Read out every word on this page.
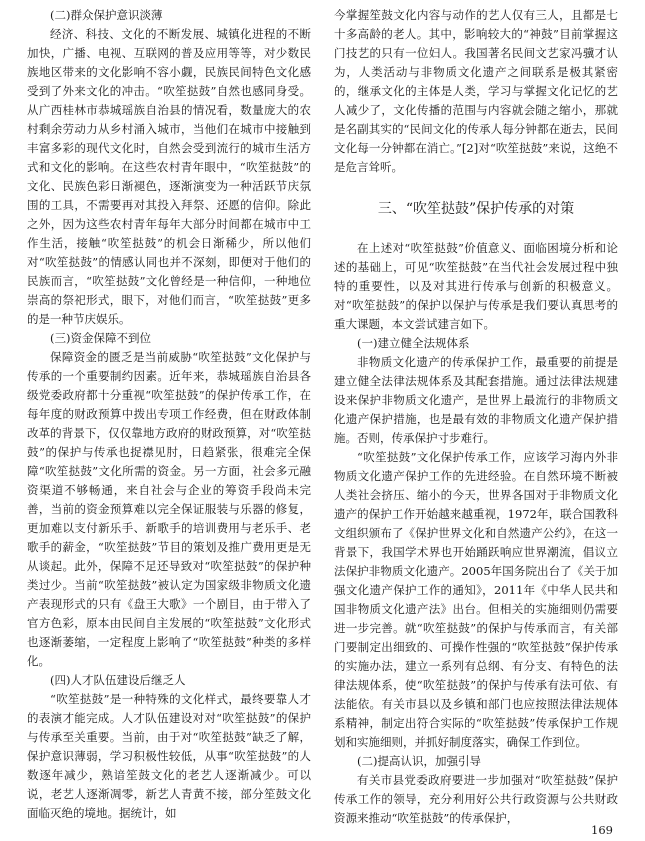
(二)群众保护意识淡薄

经济、科技、文化的不断发展、城镇化进程的不断加快，广播、电视、互联网的普及应用等等，对少数民族地区带来的文化影响不容小觑，民族民间特色文化感受到了外来文化的冲击。“吹笙挞鼓”自然也感同身受。从广西桂林市恭城瑶族自治县的情况看，数量庞大的农村剩余劳动力从乡村涌入城市，当他们在城市中接触到丰富多彩的现代文化时，自然会受到流行的城市生活方式和文化的影响。在这些农村青年眼中，“吹笙挞鼓”的文化、民族色彩日渐褪色，逐渐演变为一种活跃节庆氛围的工具，不需要再对其投入拜祭、还愿的信仰。除此之外，因为这些农村青年每年大部分时间都在城市中工作生活，接触“吹笙挞鼓”的机会日渐稀少，所以他们对“吹笙挞鼓”的情感认同也并不深刻，即便对于他们的民族而言，“吹笙挞鼓”文化曾经是一种信仰，一种地位崇高的祭祀形式，眼下，对他们而言，“吹笙挞鼓”更多的是一种节庆娱乐。

(三)资金保障不到位

保障资金的匮乏是当前威胁“吹笙挞鼓”文化保护与传承的一个重要制约因素。近年来，恭城瑶族自治县各级党委政府都十分重视“吹笙挞鼓”的保护传承工作，在每年度的财政预算中拨出专项工作经费，但在财政体制改革的背景下，仅仅靠地方政府的财政预算，对“吹笙挞鼓”的保护与传承也捉襟见肘，日趋紧张，很难完全保障“吹笙挞鼓”文化所需的资金。另一方面，社会多元融资渠道不够畅通，来自社会与企业的筹资手段尚未完善，当前的资金预算难以完全保证服装与乐器的修复，更加难以支付新乐手、新歌手的培训费用与老乐手、老歌手的薪金，“吹笙挞鼓”节目的策划及推广费用更是无从谈起。此外，保障不足还导致对“吹笙挞鼓”的保护种类过少。当前“吹笙挞鼓”被认定为国家级非物质文化遗产表现形式的只有《盘王大歌》一个剧目，由于带入了官方色彩，原本由民间自主发展的“吹笙挞鼓”文化形式也逐渐萎缩，一定程度上影响了“吹笙挞鼓”种类的多样化。

(四)人才队伍建设后继乏人

“吹笙挞鼓”是一种特殊的文化样式，最终要靠人才的表演才能完成。人才队伍建设对对“吹笙挞鼓”的保护与传承至关重要。当前，由于对“吹笙挞鼓”缺乏了解，保护意识薄弱，学习积极性较低，从事“吹笙挞鼓”的人数逐年减少，熟谙笙鼓文化的老艺人逐渐减少。可以说，老艺人逐渐凋零，新艺人青黄不接，部分笙鼓文化面临灭绝的境地。据统计，如

今掌握笙鼓文化内容与动作的艺人仅有三人，且都是七十多高龄的老人。其中，影响较大的“神鼓”目前掌握这门技艺的只有一位妇人。我国著名民间文艺家冯骥才认为，人类活动与非物质文化遗产之间联系是极其紧密的，继承文化的主体是人类，学习与掌握文化记忆的艺人减少了，文化传播的范围与内容就会随之缩小，那就是名副其实的“民间文化的传承人每分钟都在逝去，民间文化每一分钟都在消亡。”[2]对“吹笙挞鼓”来说，这绝不是危言耸听。

三、“吹笙挞鼓”保护传承的对策

在上述对“吹笙挞鼓”价值意义、面临困境分析和论述的基础上，可见“吹笙挞鼓”在当代社会发展过程中独特的重要性，以及对其进行传承与创新的积极意义。对“吹笙挞鼓”的保护以保护与传承是我们要认真思考的重大课题，本文尝试建言如下。

(一)建立健全法规体系

非物质文化遗产的传承保护工作，最重要的前提是建立健全法律法规体系及其配套措施。通过法律法规建设来保护非物质文化遗产，是世界上最流行的非物质文化遗产保护措施，也是最有效的非物质文化遗产保护措施。否则，传承保护寸步难行。

“吹笙挞鼓”文化保护传承工作，应该学习海内外非物质文化遗产保护工作的先进经验。在自然环境不断被人类社会挤压、缩小的今天，世界各国对于非物质文化遗产的保护工作开始越来越重视，1972年，联合国教科文组织颁布了《保护世界文化和自然遗产公约》，在这一背景下，我国学术界也开始踊跃响应世界潮流，倡议立法保护非物质文化遗产。2005年国务院出台了《关于加强文化遗产保护工作的通知》，2011年《中华人民共和国非物质文化遗产法》出台。但相关的实施细则仍需要进一步完善。就“吹笙挞鼓”的保护与传承而言，有关部门要制定出细致的、可操作性强的“吹笙挞鼓”保护传承的实施办法，建立一系列有总纲、有分支、有特色的法律法规体系，使“吹笙挞鼓”的保护与传承有法可依、有法能依。有关市县以及乡镇和部门也应按照法律法规体系精神，制定出符合实际的“吹笙挞鼓”传承保护工作规划和实施细则，并抓好制度落实，确保工作到位。

(二)提高认识，加强引导

有关市县党委政府要进一步加强对“吹笙挞鼓”保护传承工作的领导，充分利用好公共行政资源与公共财政资源来推动“吹笙挞鼓”的传承保护，

169
